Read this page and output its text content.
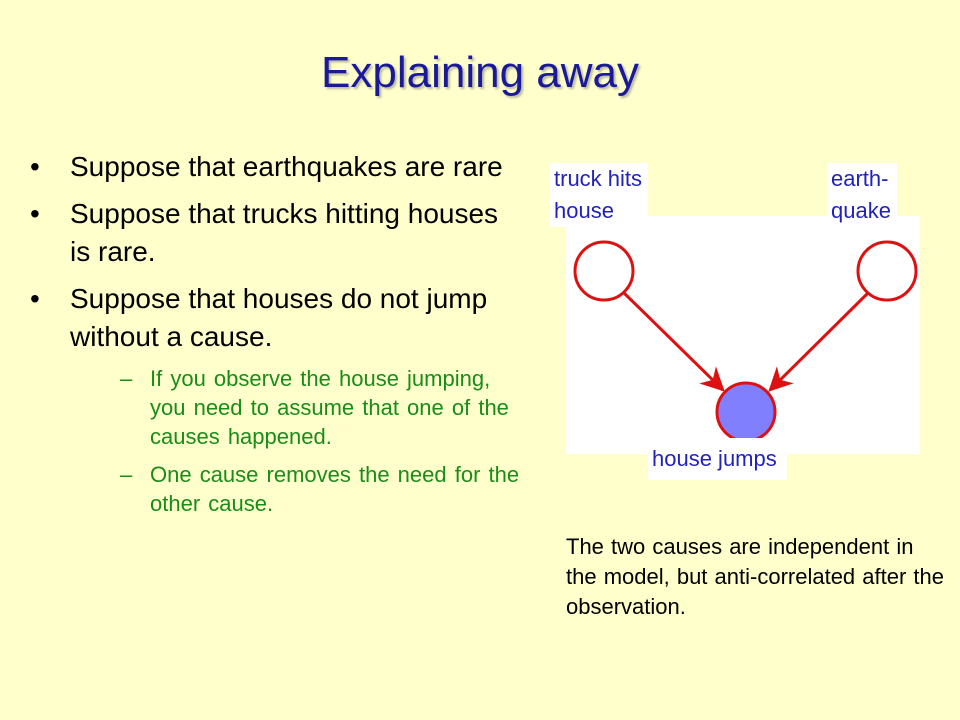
Explaining away
• Suppose that earthquakes are rare
• Suppose that trucks hitting houses is rare.
• Suppose that houses do not jump without a cause.
– If you observe the house jumping, you need to assume that one of the causes happened.
– One cause removes the need for the other cause.
truck hits
house
earth-
quake
house jumps
The two causes are independent in the model, but anti-correlated after the observation.
